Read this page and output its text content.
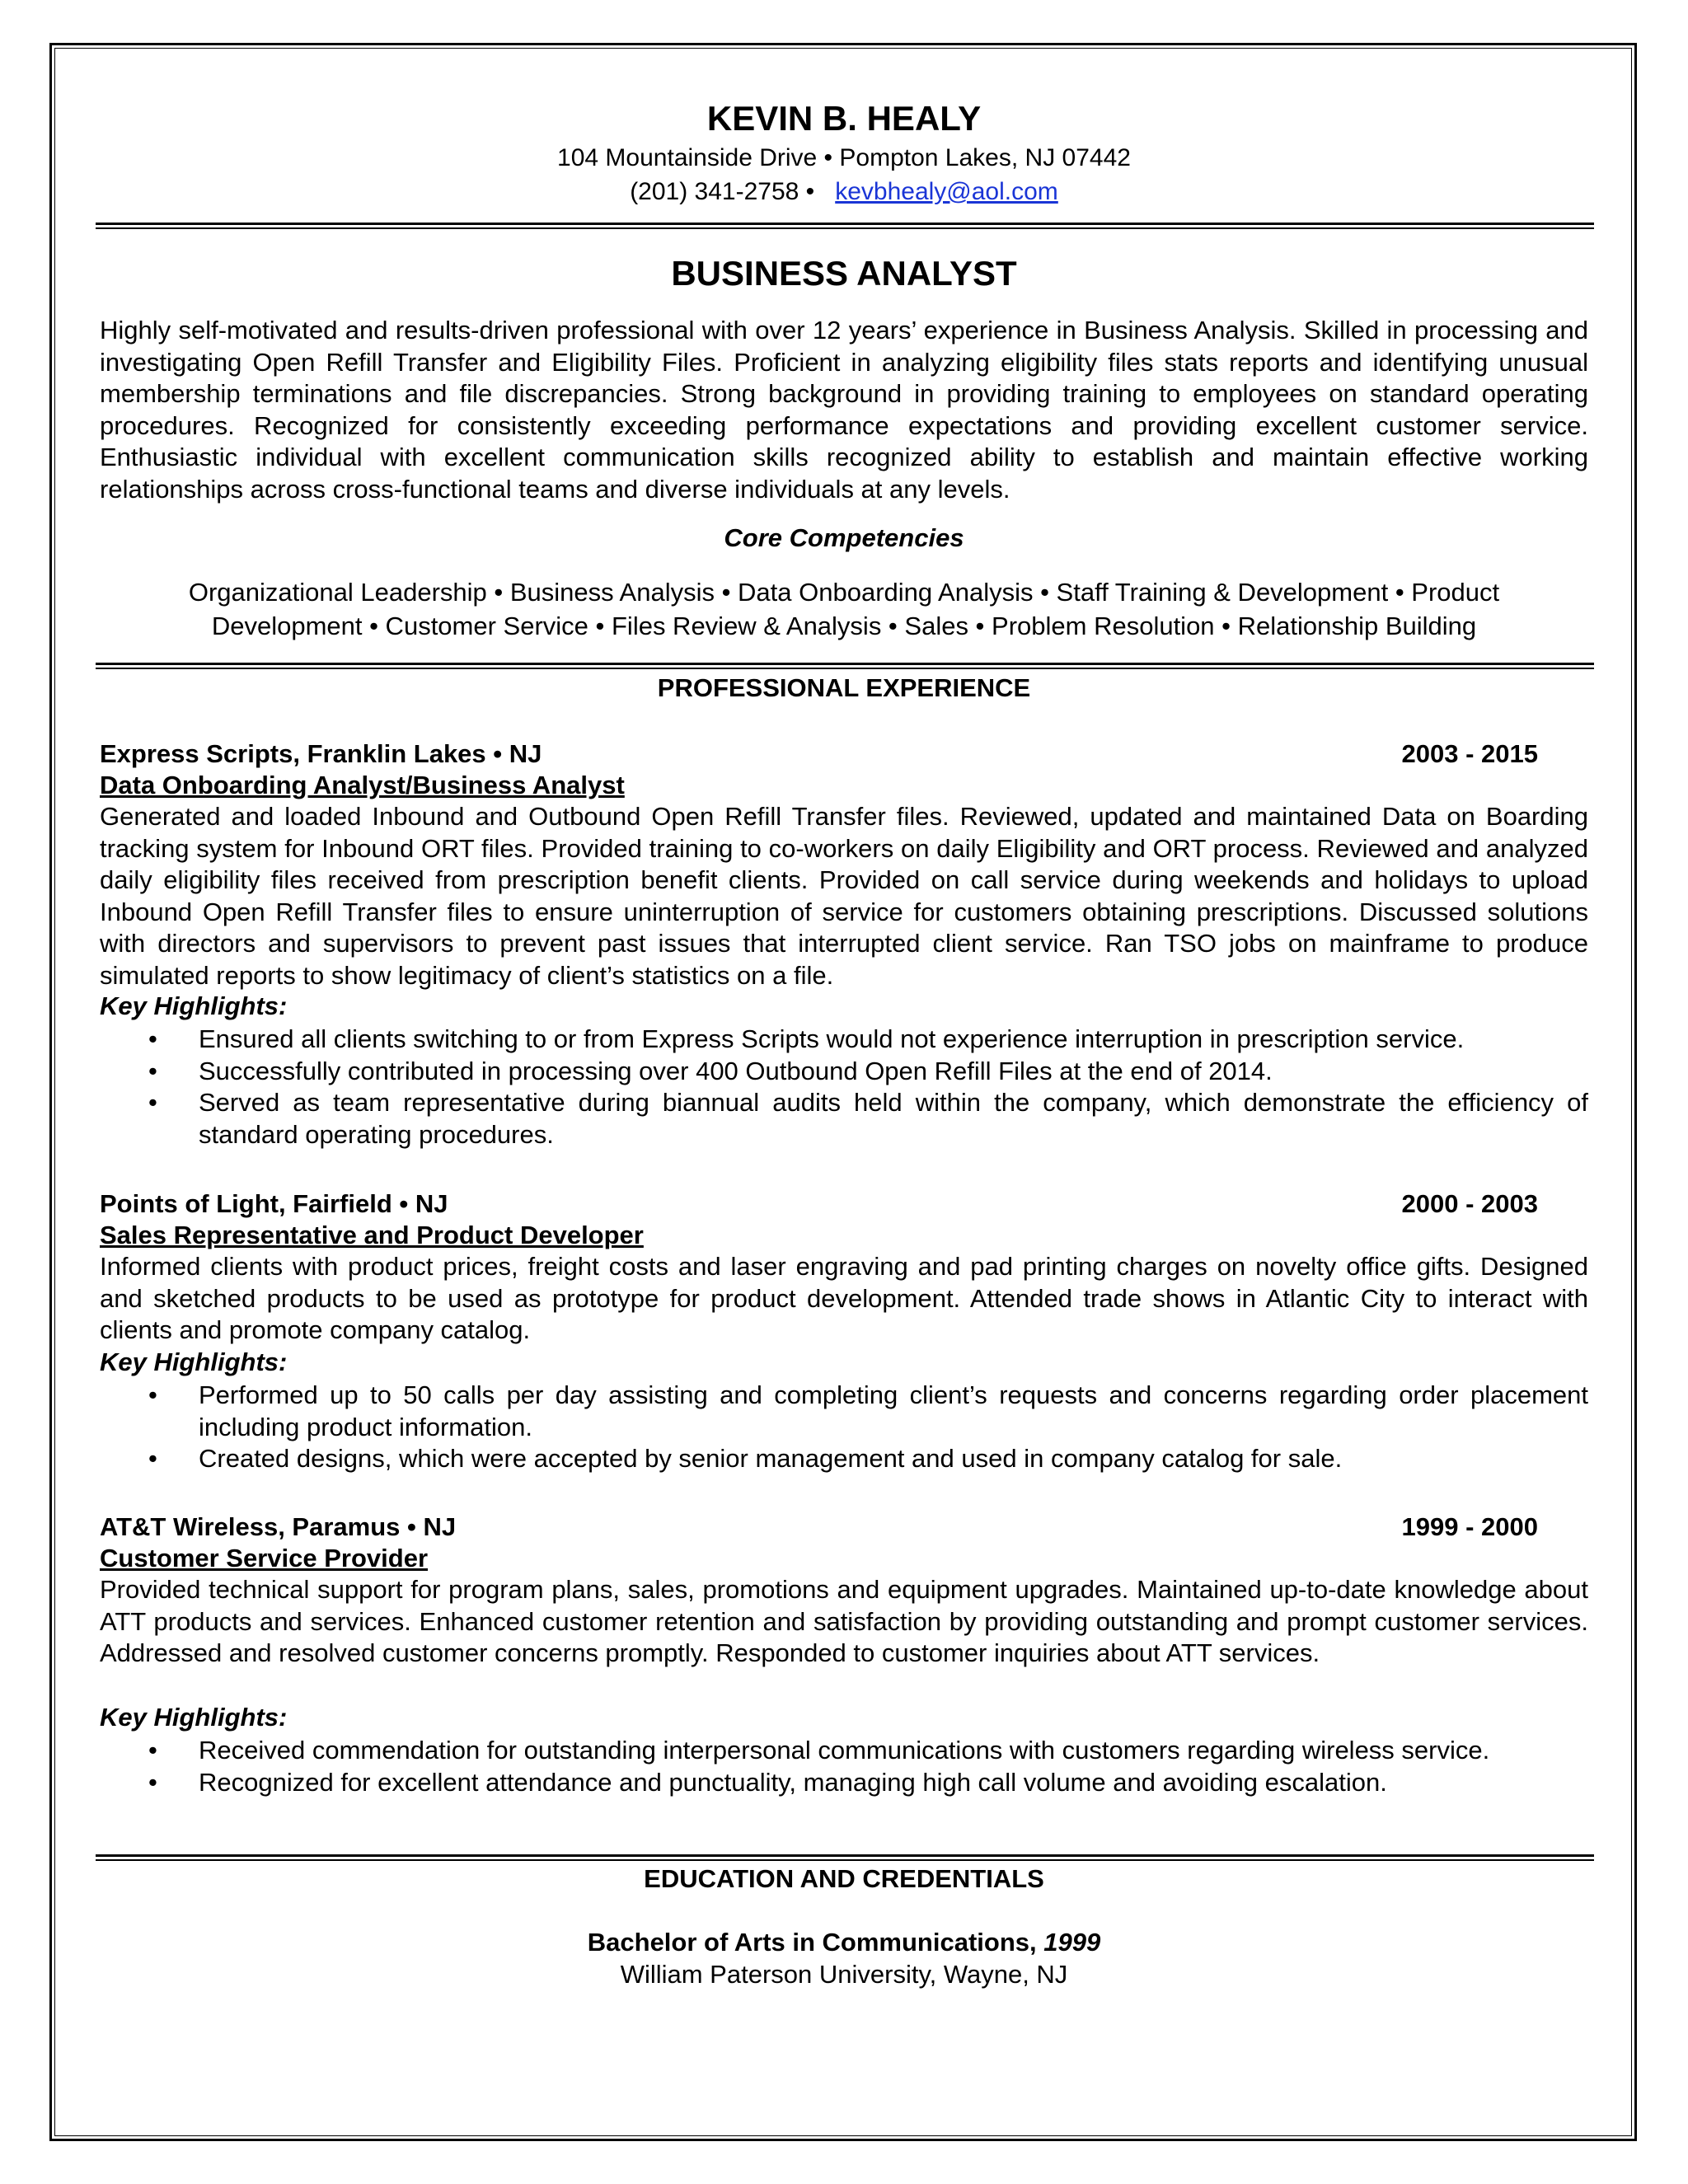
KEVIN B. HEALY
104 Mountainside Drive • Pompton Lakes, NJ 07442
(201) 341-2758 • kevbhealy@aol.com
BUSINESS ANALYST

Highly self-motivated and results-driven professional with over 12 years’ experience in Business Analysis. Skilled in processing and investigating Open Refill Transfer and Eligibility Files. Proficient in analyzing eligibility files stats reports and identifying unusual membership terminations and file discrepancies. Strong background in providing training to employees on standard operating procedures. Recognized for consistently exceeding performance expectations and providing excellent customer service. Enthusiastic individual with excellent communication skills recognized ability to establish and maintain effective working relationships across cross-functional teams and diverse individuals at any levels.

Core Competencies
Organizational Leadership • Business Analysis • Data Onboarding Analysis • Staff Training & Development • Product
Development • Customer Service • Files Review & Analysis • Sales • Problem Resolution • Relationship Building
PROFESSIONAL EXPERIENCE
Express Scripts, Franklin Lakes • NJ	2003 - 2015
Data Onboarding Analyst/Business Analyst

Generated and loaded Inbound and Outbound Open Refill Transfer files. Reviewed, updated and maintained Data on Boarding tracking system for Inbound ORT files. Provided training to co-workers on daily Eligibility and ORT process. Reviewed and analyzed daily eligibility files received from prescription benefit clients. Provided on call service during weekends and holidays to upload Inbound Open Refill Transfer files to ensure uninterruption of service for customers obtaining prescriptions. Discussed solutions with directors and supervisors to prevent past issues that interrupted client service. Ran TSO jobs on mainframe to produce simulated reports to show legitimacy of client’s statistics on a file.

Key Highlights:
• Ensured all clients switching to or from Express Scripts would not experience interruption in prescription service.
• Successfully contributed in processing over 400 Outbound Open Refill Files at the end of 2014.
• Served as team representative during biannual audits held within the company, which demonstrate the efficiency of standard operating procedures.
Points of Light, Fairfield • NJ	2000 - 2003
Sales Representative and Product Developer

Informed clients with product prices, freight costs and laser engraving and pad printing charges on novelty office gifts. Designed and sketched products to be used as prototype for product development. Attended trade shows in Atlantic City to interact with clients and promote company catalog.

Key Highlights:
• Performed up to 50 calls per day assisting and completing client’s requests and concerns regarding order placement including product information.
• Created designs, which were accepted by senior management and used in company catalog for sale.
AT&T Wireless, Paramus • NJ	1999 - 2000
Customer Service Provider

Provided technical support for program plans, sales, promotions and equipment upgrades. Maintained up-to-date knowledge about ATT products and services. Enhanced customer retention and satisfaction by providing outstanding and prompt customer services. Addressed and resolved customer concerns promptly. Responded to customer inquiries about ATT services.

Key Highlights:
• Received commendation for outstanding interpersonal communications with customers regarding wireless service.
• Recognized for excellent attendance and punctuality, managing high call volume and avoiding escalation.
EDUCATION AND CREDENTIALS
Bachelor of Arts in Communications, 1999
William Paterson University, Wayne, NJ
